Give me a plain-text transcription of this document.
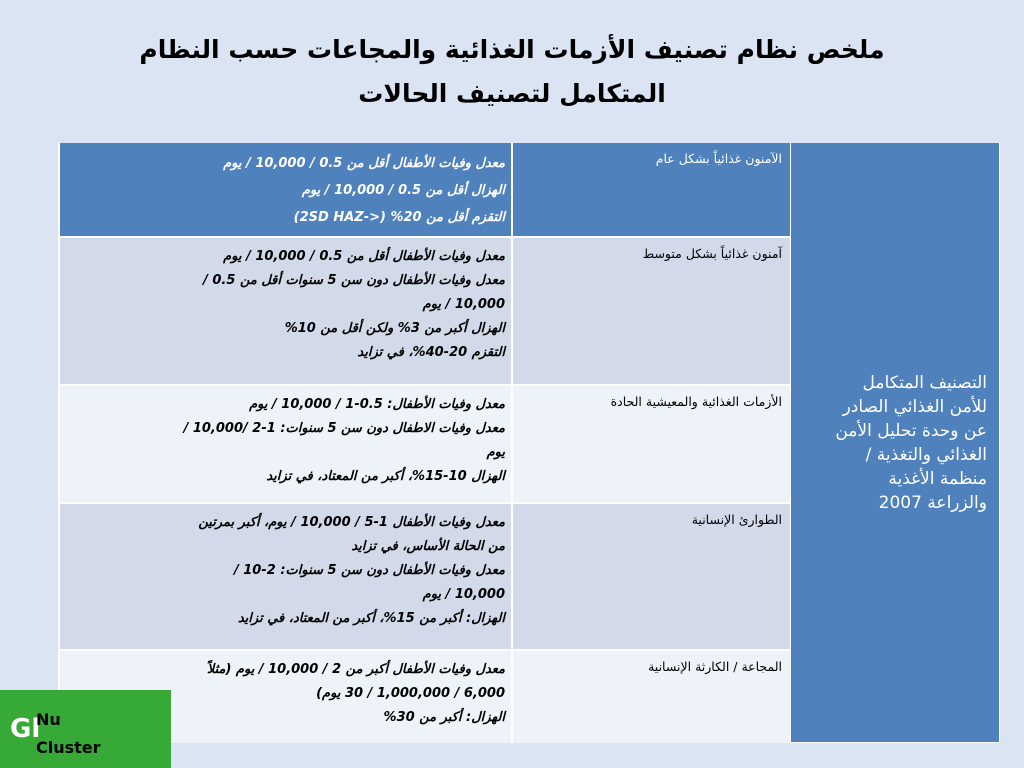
ملخص نظام تصنيف الأزمات الغذائية والمجاعات حسب النظام
المتكامل لتصنيف الحالات
التصنيف المتكامل
للأمن الغذائي الصادر
عن وحدة تحليل الأمن
الغذائي والتغذية /
منظمة الأغذية
والزراعة 2007
الآمنون غذائياً بشكل عام
معدل وفيات الأطفال أقل من 0.5 / 10,000 / يوم
الهزال أقل من 0.5 / 10,000 / يوم
التقزم أقل من 20% (<-2SD HAZ)
آمنون غذائياً بشكل متوسط
معدل وفيات الأطفال أقل من 0.5 / 10,000 / يوم
معدل وفيات الأطفال دون سن 5 سنوات أقل من 0.5 /
10,000 / يوم
الهزال أكبر من 3% ولكن أقل من 10%
التقزم 20-40%، في تزايد
الأزمات الغذائية والمعيشية الحادة
معدل وفيات الأطفال: 0.5-1 / 10,000 / يوم
معدل وفيات الاطفال دون سن 5 سنوات: 1-2 /10,000 /
يوم
الهزال 10-15%، أكبر من المعتاد، في تزايد
الطوارئ الإنسانية
معدل وفيات الأطفال 1-5 / 10,000 / يوم، أكبر بمرتين
من الحالة الأساس، في تزايد
معدل وفيات الأطفال دون سن 5 سنوات: 2-10 /
10,000 / يوم
الهزال: أكبر من 15%، أكبر من المعتاد، في تزايد
المجاعة / الكارثة الإنسانية
معدل وفيات الأطفال أكبر من 2 / 10,000 / يوم (مثلاً
6,000 / 1,000,000 / 30 يوم)
الهزال: أكبر من 30%
Gl
Nu
Cluster
